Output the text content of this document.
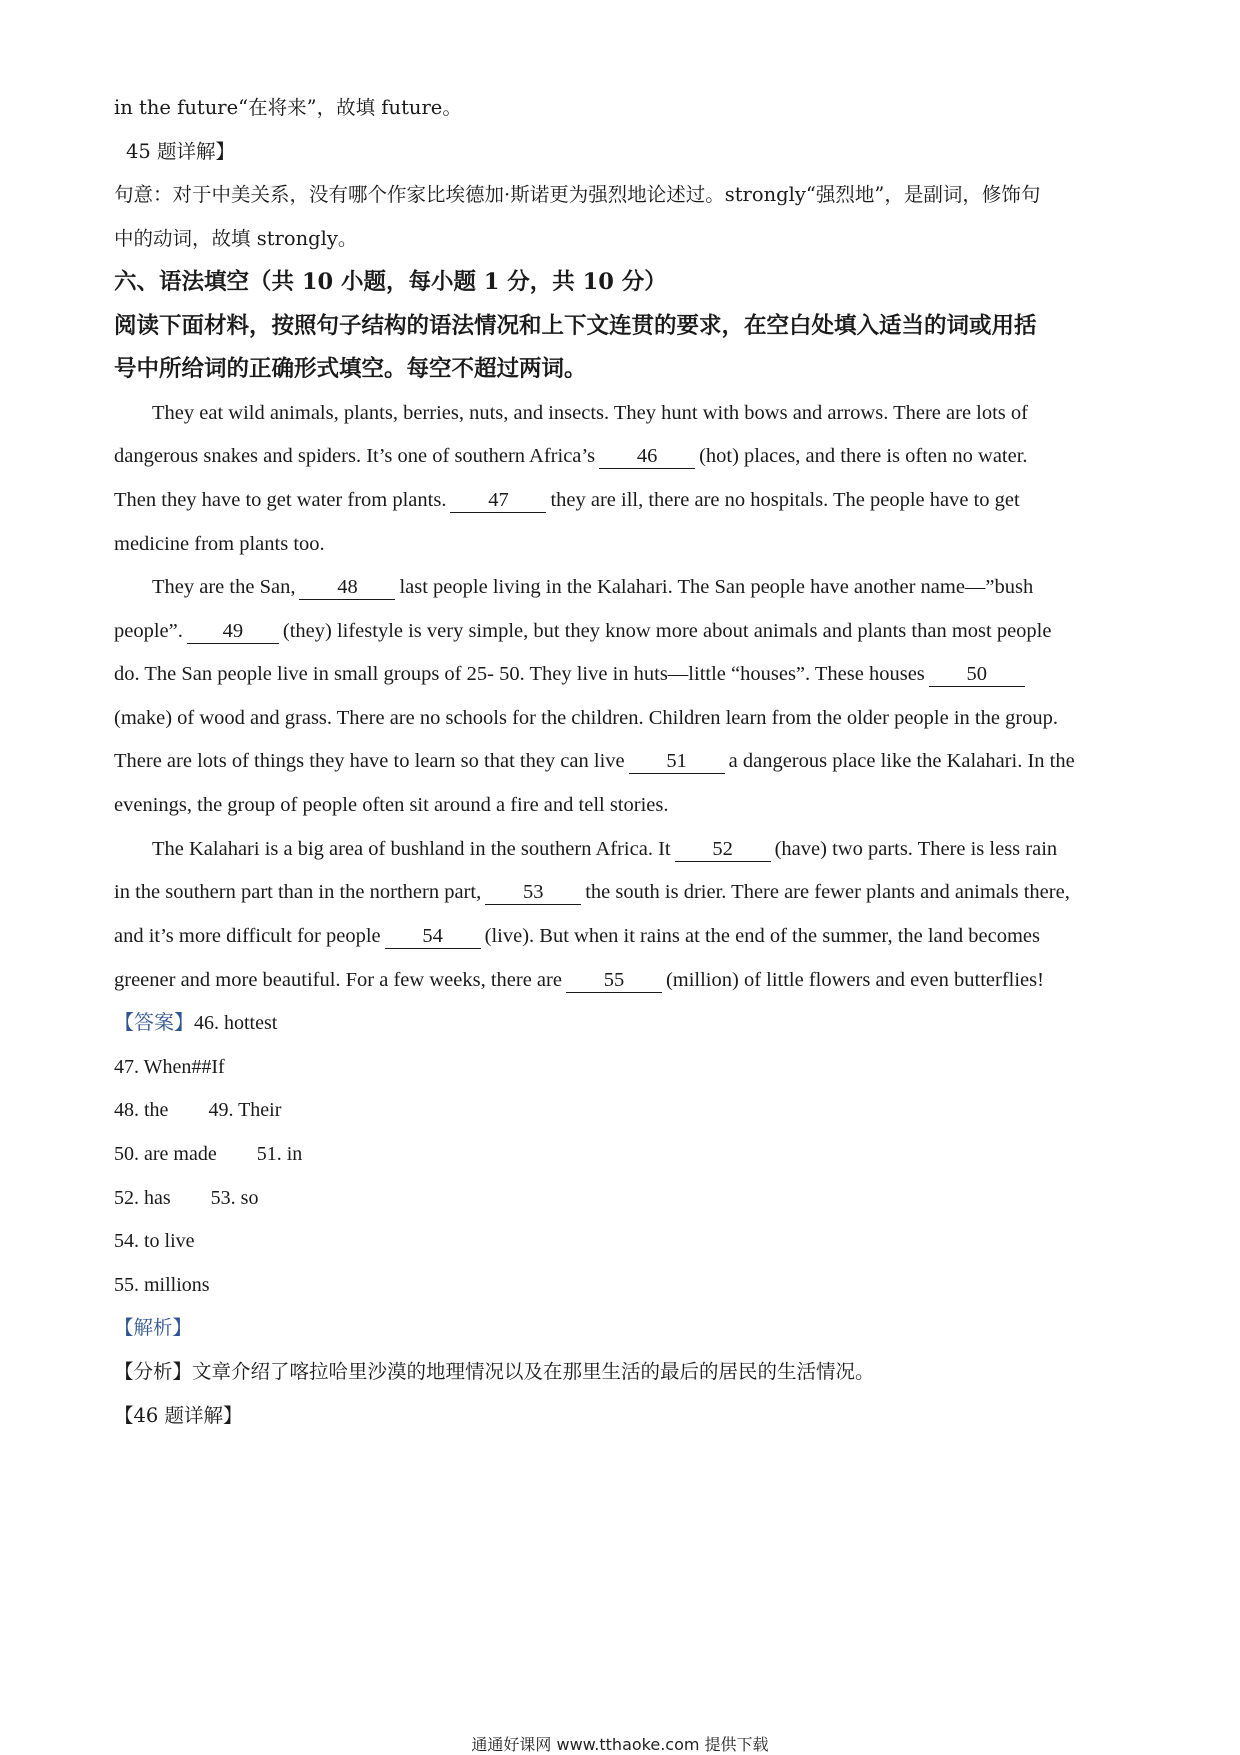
in the future“在将来”，故填 future。
45 题详解】
句意：对于中美关系，没有哪个作家比埃德加·斯诺更为强烈地论述过。strongly“强烈地”，是副词，修饰句
中的动词，故填 strongly。
六、语法填空（共 10 小题，每小题 1 分，共 10 分）
阅读下面材料，按照句子结构的语法情况和上下文连贯的要求，在空白处填入适当的词或用括
号中所给词的正确形式填空。每空不超过两词。
They eat wild animals, plants, berries, nuts, and insects. They hunt with bows and arrows. There are lots of
dangerous snakes and spiders. It’s one of southern Africa’s 46 (hot) places, and there is often no water.
Then they have to get water from plants. 47 they are ill, there are no hospitals. The people have to get
medicine from plants too.
They are the San, 48 last people living in the Kalahari. The San people have another name—”bush
people”. 49 (they) lifestyle is very simple, but they know more about animals and plants than most people
do. The San people live in small groups of 25- 50. They live in huts—little “houses”. These houses 50
(make) of wood and grass. There are no schools for the children. Children learn from the older people in the group.
There are lots of things they have to learn so that they can live 51 a dangerous place like the Kalahari. In the
evenings, the group of people often sit around a fire and tell stories.
The Kalahari is a big area of bushland in the southern Africa. It 52 (have) two parts. There is less rain
in the southern part than in the northern part, 53 the south is drier. There are fewer plants and animals there,
and it’s more difficult for people 54 (live). But when it rains at the end of the summer, the land becomes
greener and more beautiful. For a few weeks, there are 55 (million) of little flowers and even butterflies!
【答案】46. hottest
47. When##If
48. the 49. Their
50. are made 51. in
52. has 53. so
54. to live
55. millions
【解析】
【分析】文章介绍了喀拉哈里沙漠的地理情况以及在那里生活的最后的居民的生活情况。
【46 题详解】
通通好课网 www.tthaoke.com 提供下载
